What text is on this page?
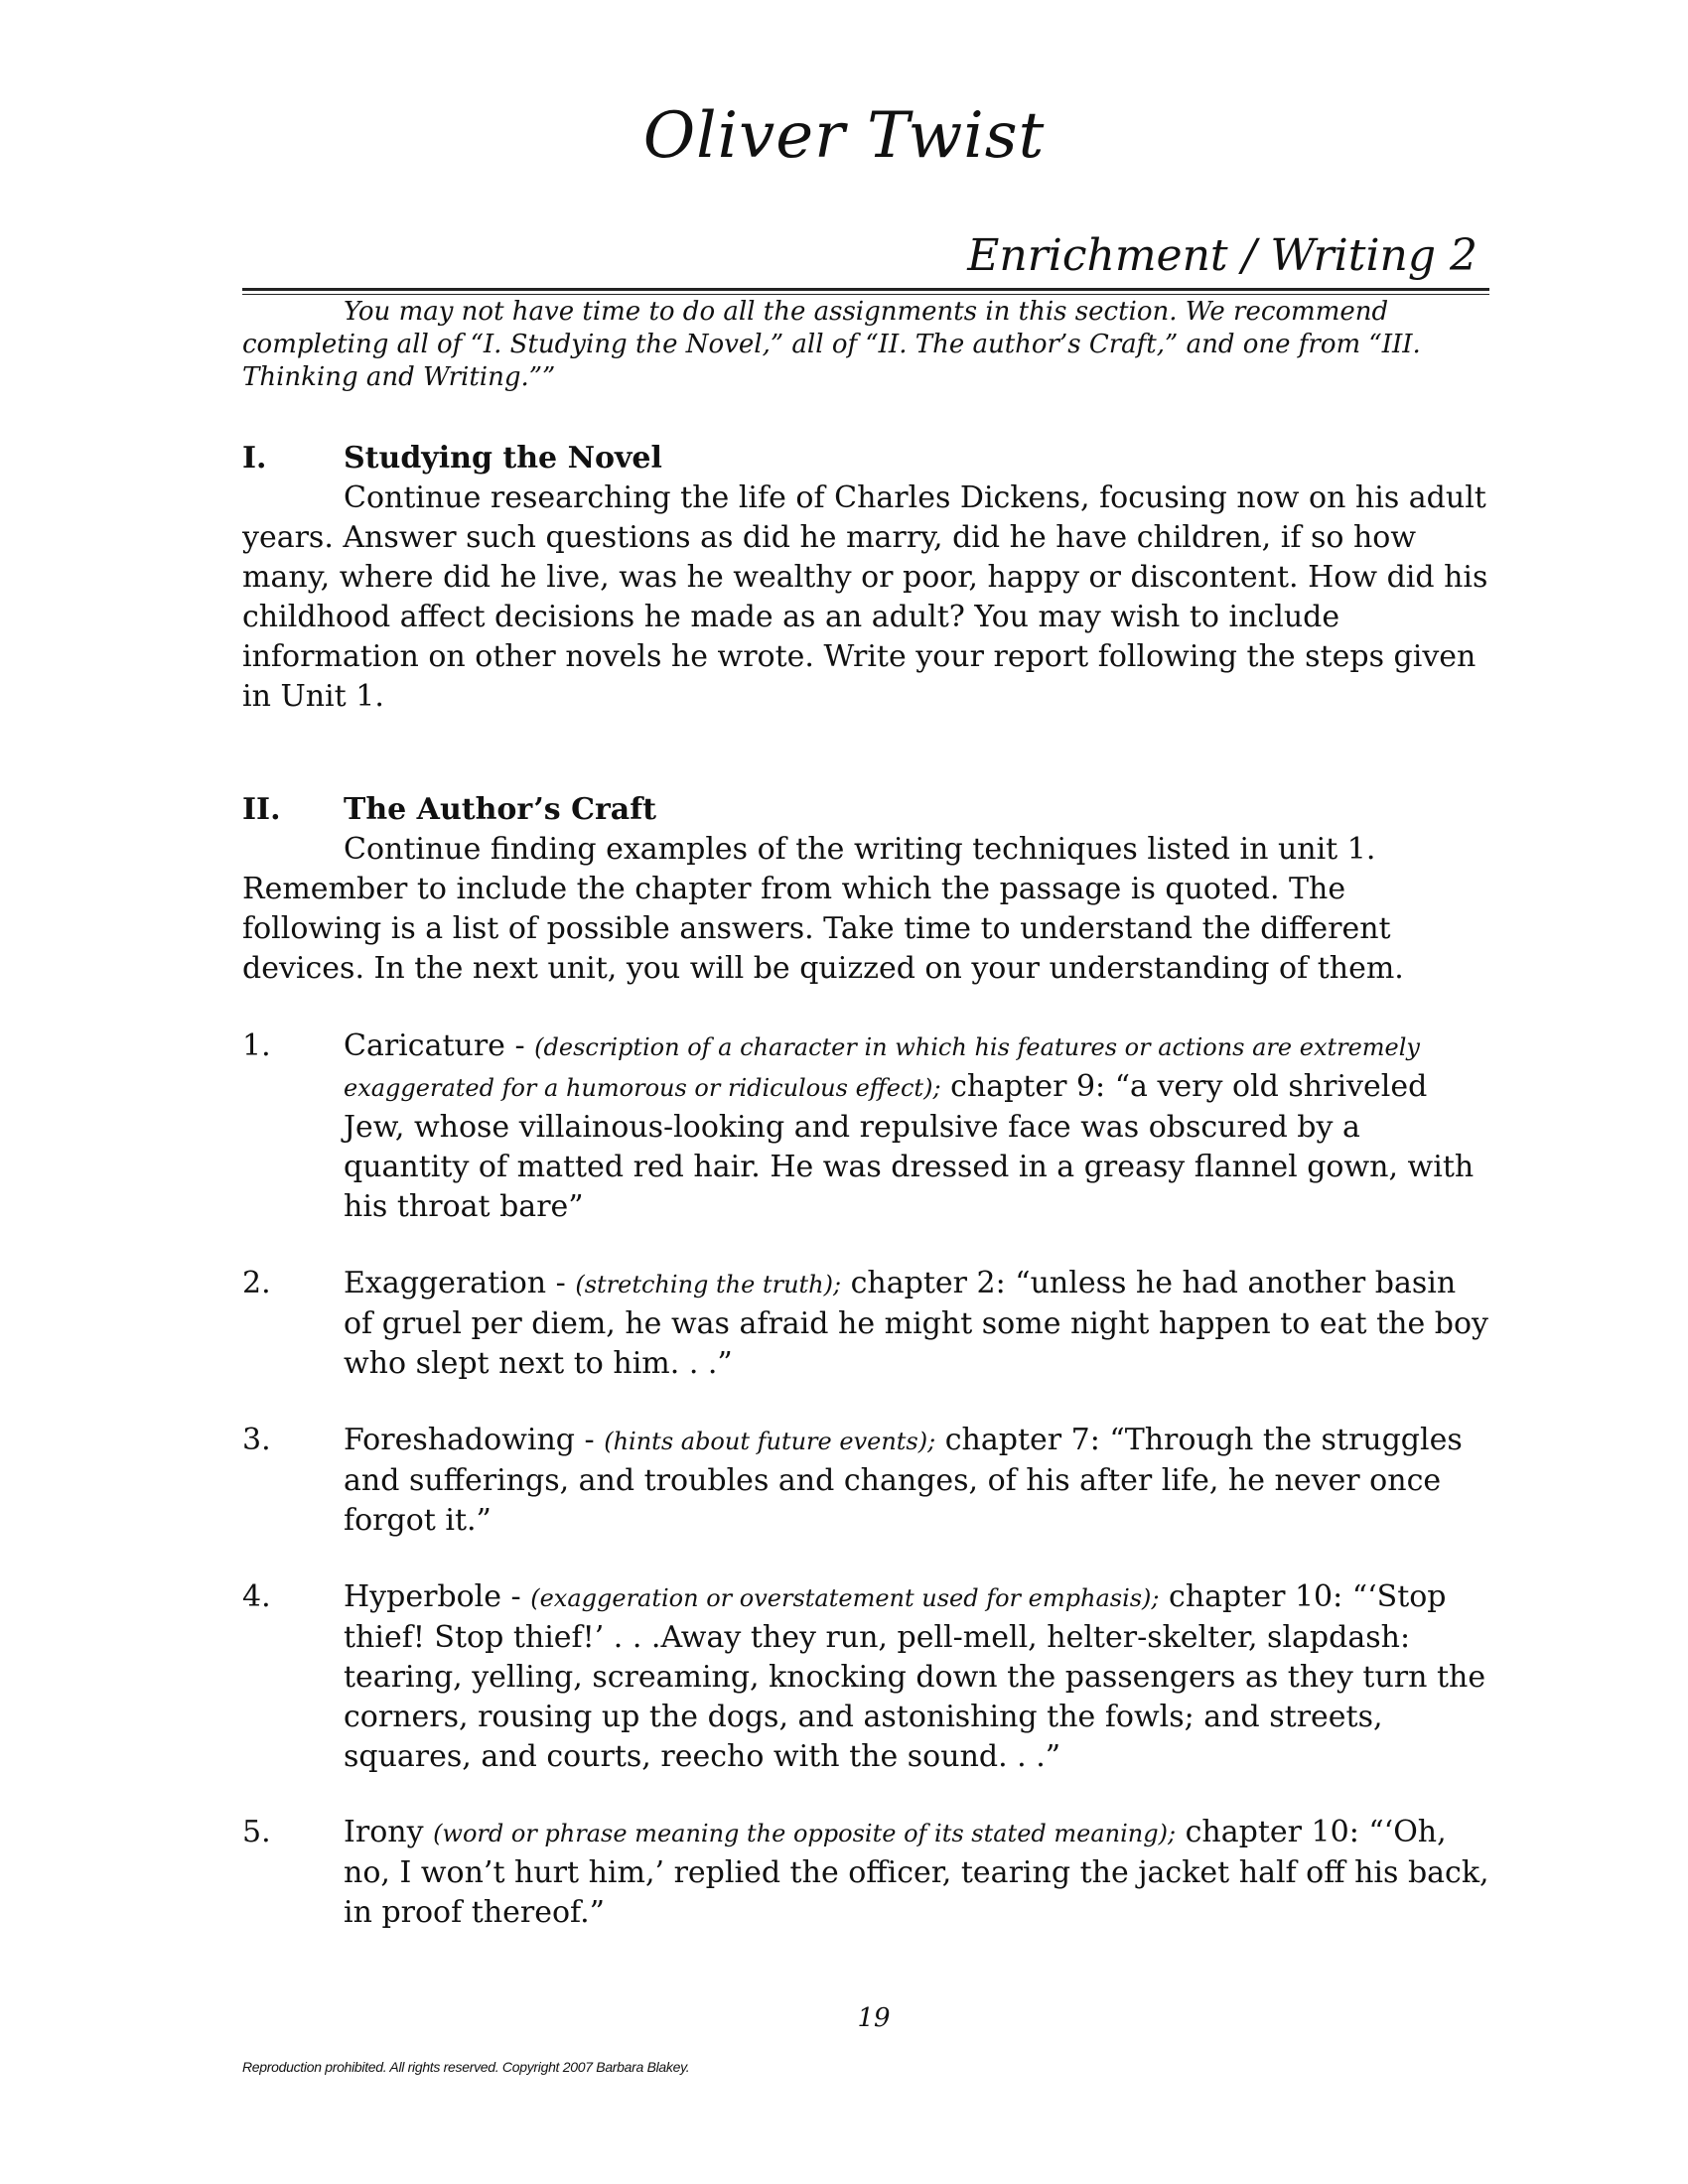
Oliver Twist
Enrichment / Writing 2

You may not have time to do all the assignments in this section. We recommend completing all of “I. Studying the Novel,” all of “II. The author’s Craft,” and one from “III. Thinking and Writing.””

I.	Studying the Novel

Continue researching the life of Charles Dickens, focusing now on his adult years. Answer such questions as did he marry, did he have children, if so how many, where did he live, was he wealthy or poor, happy or discontent. How did his childhood affect decisions he made as an adult? You may wish to include information on other novels he wrote. Write your report following the steps given in Unit 1.

II. The Author’s Craft

Continue finding examples of the writing techniques listed in unit 1. Remember to include the chapter from which the passage is quoted. The following is a list of possible answers. Take time to understand the different devices. In the next unit, you will be quizzed on your understanding of them.

1.	Caricature - (description of a character in which his features or actions are extremely exaggerated for a humorous or ridiculous effect); chapter 9: “a very old shriveled Jew, whose villainous-looking and repulsive face was obscured by a quantity of matted red hair. He was dressed in a greasy flannel gown, with his throat bare”
2.	Exaggeration - (stretching the truth); chapter 2: “unless he had another basin of gruel per diem, he was afraid he might some night happen to eat the boy who slept next to him. . .”
3.	Foreshadowing - (hints about future events); chapter 7: “Through the struggles and sufferings, and troubles and changes, of his after life, he never once forgot it.”
4.	Hyperbole - (exaggeration or overstatement used for emphasis); chapter 10: “‘Stop thief! Stop thief!’ . . .Away they run, pell-mell, helter-skelter, slapdash: tearing, yelling, screaming, knocking down the passengers as they turn the corners, rousing up the dogs, and astonishing the fowls; and streets, squares, and courts, reecho with the sound. . .”
5.	Irony (word or phrase meaning the opposite of its stated meaning); chapter 10: “‘Oh, no, I won’t hurt him,’ replied the officer, tearing the jacket half off his back, in proof thereof.”
19
Reproduction prohibited. All rights reserved. Copyright 2007 Barbara Blakey.
